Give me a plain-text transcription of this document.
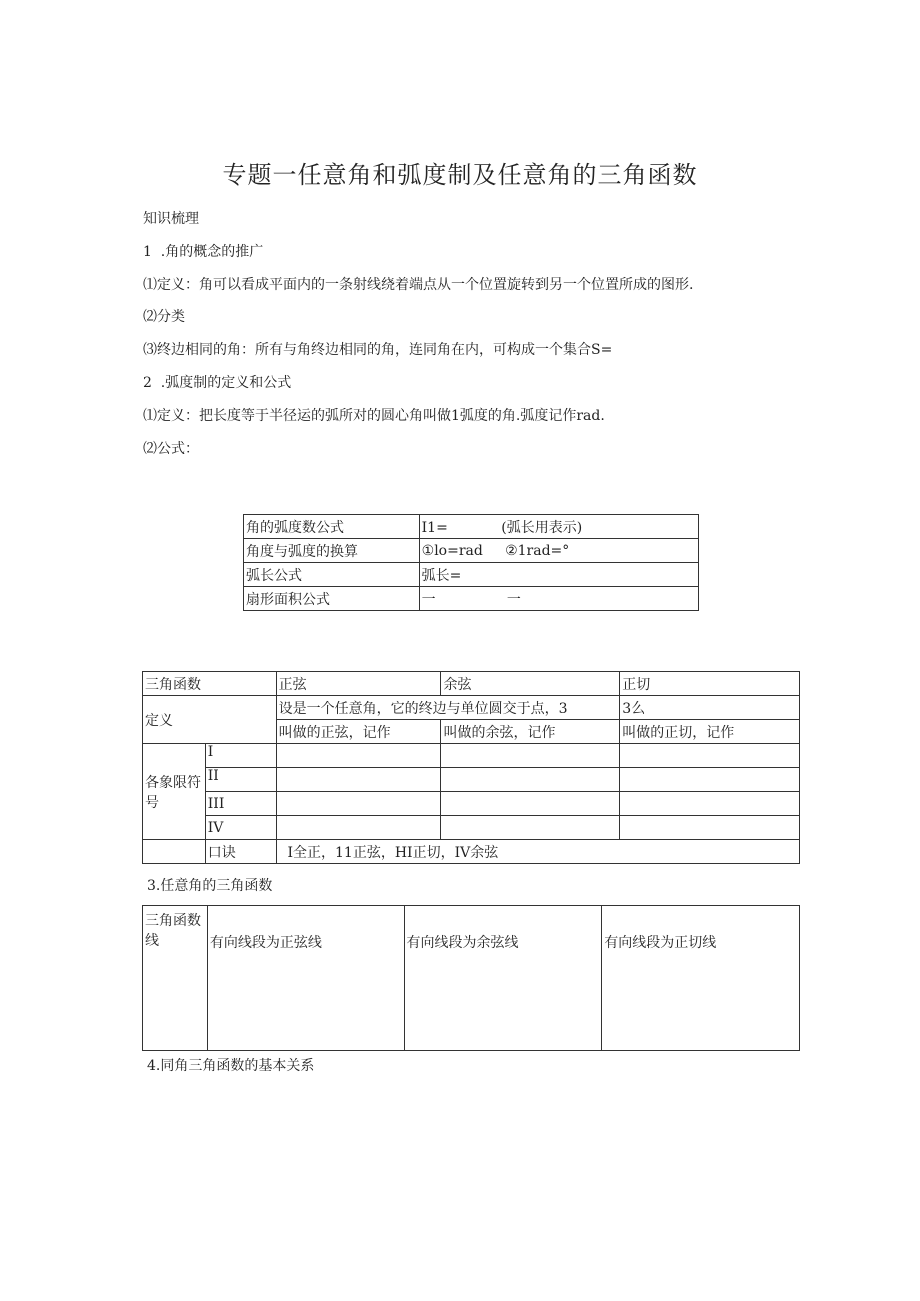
专题一任意角和弧度制及任意角的三角函数
知识梳理
1  .角的概念的推广
⑴定义：角可以看成平面内的一条射线绕着端点从一个位置旋转到另一个位置所成的图形.
⑵分类
⑶终边相同的角：所有与角终边相同的角，连同角在内，可构成一个集合S=
2  .弧度制的定义和公式
⑴定义：把长度等于半径运的弧所对的圆心角叫做1弧度的角.弧度记作rad.
⑵公式：
角的弧度数公式	I1=            (弧长用表示)
角度与弧度的换算	①lo=rad     ②1rad=°
弧长公式	弧长=
扇形面积公式	一                一
三角函数		正弦	余弦	正切
定义		设是一个任意角，它的终边与单位圆交于点，3		3么
		叫做的正弦，记作	叫做的余弦，记作	叫做的正切，记作
各象限符号	I			
	II			
	III			
	IV			
	口诀	I全正，11正弦，HI正切，IV余弦		
3.任意角的三角函数
三角函数线	有向线段为正弦线	有向线段为余弦线	有向线段为正切线
4.同角三角函数的基本关系
